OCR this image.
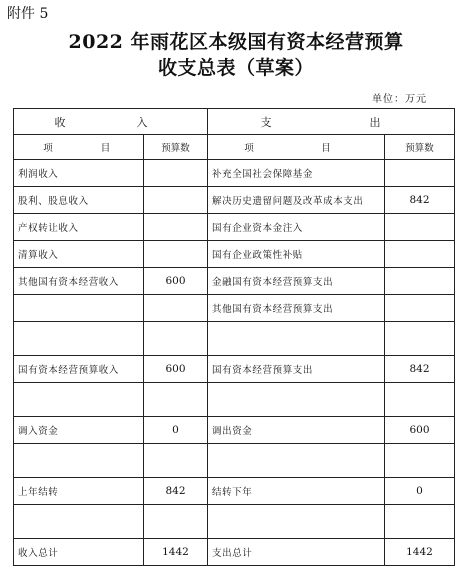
附件 5
2022 年雨花区本级国有资本经营预算
收支总表（草案）
单位：万元
收 入		支 出	
项 目	预算数	项 目	预算数
利润收入		补充全国社会保障基金	
股利、股息收入		解决历史遗留问题及改革成本支出	842
产权转让收入		国有企业资本金注入	
清算收入		国有企业政策性补贴	
其他国有资本经营收入	600	金融国有资本经营预算支出	
		其他国有资本经营预算支出	

国有资本经营预算收入	600	国有资本经营预算支出	842

调入资金	0	调出资金	600

上年结转	842	结转下年	0

收入总计	1442	支出总计	1442
